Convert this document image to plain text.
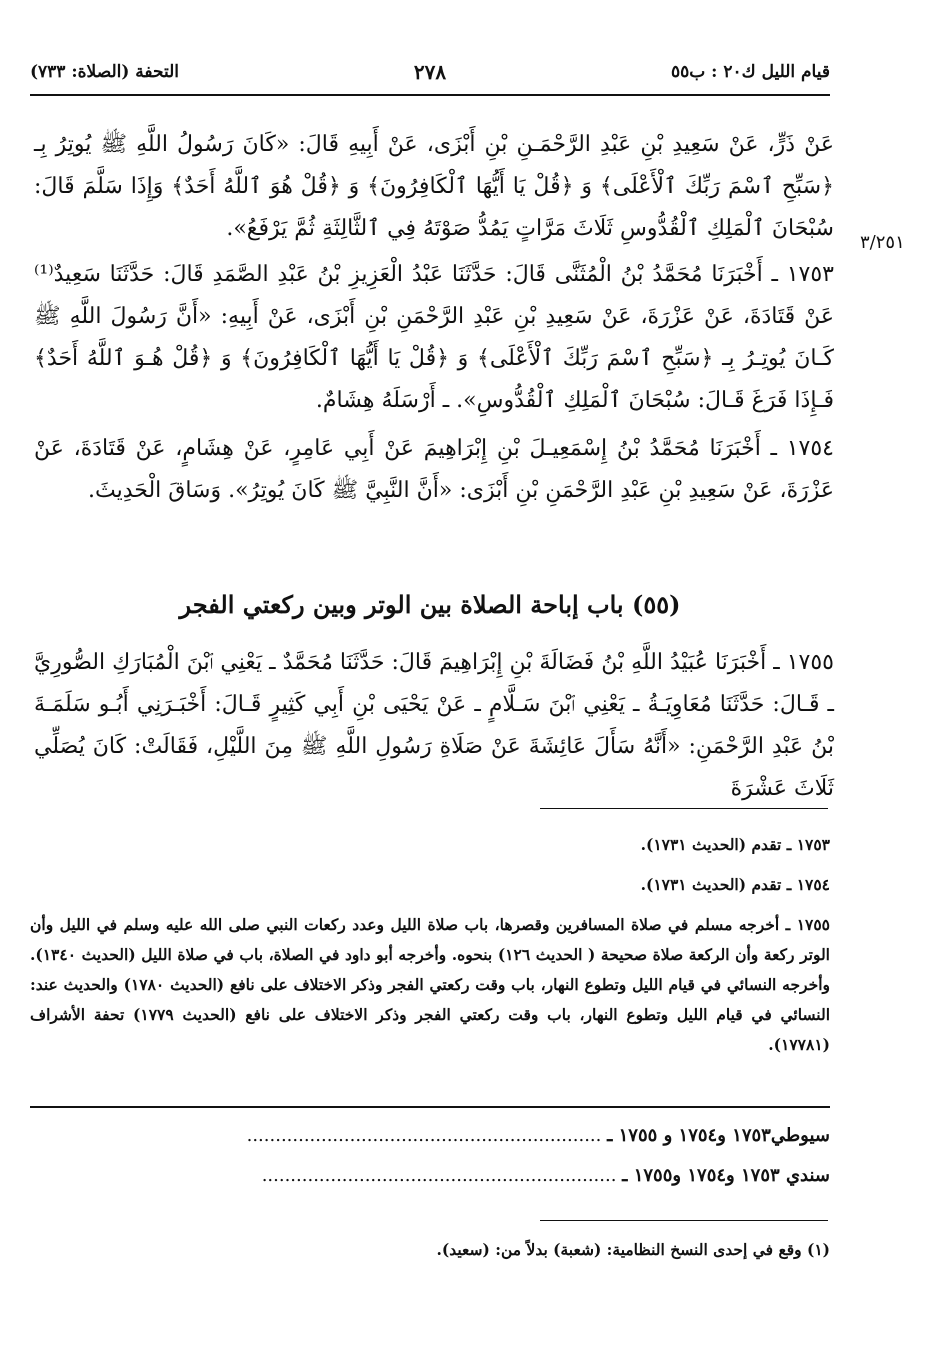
قيام الليل ك٢٠ : ب٥٥
٢٧٨
التحفة (الصلاة: ٧٣٣)
٣/٢٥١

عَنْ ذَرٍّ، عَنْ سَعِيدِ بْنِ عَبْدِ الرَّحْمَـنِ بْنِ أَبْزَى، عَنْ أَبِيهِ قَالَ: «كَانَ رَسُولُ اللَّهِ ﷺ يُوتِرُ بِـ ﴿سَبِّحِ ٱسْمَ رَبِّكَ ٱلْأَعْلَى﴾ وَ ﴿قُلْ يَا أَيُّهَا ٱلْكَافِرُونَ﴾ وَ ﴿قُلْ هُوَ ٱللَّهُ أَحَدٌ﴾ وَإِذَا سَلَّمَ قَالَ: سُبْحَانَ ٱلْمَلِكِ ٱلْقُدُّوسِ ثَلَاثَ مَرَّاتٍ يَمُدُّ صَوْتَهُ فِي ٱلثَّالِثَةِ ثُمَّ يَرْفَعُ».

١٧٥٣ ـ أَخْبَرَنَا مُحَمَّدُ بْنُ الْمُثَنَّى قَالَ: حَدَّثَنَا عَبْدُ الْعَزِيزِ بْنُ عَبْدِ الصَّمَدِ قَالَ: حَدَّثَنَا سَعِيدٌ⁽¹⁾ عَنْ قَتَادَةَ، عَنْ عَزْرَةَ، عَنْ سَعِيدِ بْنِ عَبْدِ الرَّحْمَنِ بْنِ أَبْزَى، عَنْ أَبِيهِ: «أَنَّ رَسُولَ اللَّهِ ﷺ كَـانَ يُوتِـرُ بِـ ﴿سَبِّحِ ٱسْمَ رَبِّكَ ٱلْأَعْلَى﴾ وَ ﴿قُلْ يَا أَيُّهَا ٱلْكَافِرُونَ﴾ وَ ﴿قُلْ هُـوَ ٱللَّهُ أَحَدٌ﴾ فَـإِذَا فَرَغَ قَـالَ: سُبْحَانَ ٱلْمَلِكِ ٱلْقُدُّوسِ». ـ أَرْسَلَهُ هِشَامٌ.

١٧٥٤ ـ أَخْبَرَنَا مُحَمَّدُ بْنُ إِسْمَعِيـلَ بْنِ إِبْرَاهِيمَ عَنْ أَبِي عَامِرٍ، عَنْ هِشَامٍ، عَنْ قَتَادَةَ، عَنْ عَزْرَةَ، عَنْ سَعِيدِ بْنِ عَبْدِ الرَّحْمَنِ بْنِ أَبْزَى: «أَنَّ النَّبِيَّ ﷺ كَانَ يُوتِرُ». وَسَاقَ الْحَدِيثَ.

(٥٥) باب إباحة الصلاة بين الوتر وبين ركعتي الفجر

١٧٥٥ ـ أَخْبَرَنَا عُبَيْدُ اللَّهِ بْنُ فَضَالَةَ بْنِ إِبْرَاهِيمَ قَالَ: حَدَّثَنَا مُحَمَّدٌ ـ يَعْنِي ٱبْنَ الْمُبَارَكِ الصُّورِيَّ ـ قَـالَ: حَدَّثَنَا مُعَاوِيَـةُ ـ يَعْنِي ٱبْنَ سَـلَّامٍ ـ عَنْ يَحْيَى بْنِ أَبِي كَثِيرٍ قَـالَ: أَخْبَـرَنِي أَبُـو سَلَمَـةَ بْنُ عَبْدِ الرَّحْمَنِ: «أَنَّهُ سَأَلَ عَائِشَةَ عَنْ صَلَاةِ رَسُولِ اللَّهِ ﷺ مِنَ اللَّيْلِ، فَقَالَتْ: كَانَ يُصَلِّي ثَلَاثَ عَشْرَةَ

١٧٥٣ ـ تقدم (الحديث ١٧٣١).
١٧٥٤ ـ تقدم (الحديث ١٧٣١).
١٧٥٥ ـ أخرجه مسلم في صلاة المسافرين وقصرها، باب صلاة الليل وعدد ركعات النبي صلى الله عليه وسلم في الليل وأن الوتر ركعة وأن الركعة صلاة صحيحة ( الحديث ١٢٦) بنحوه. وأخرجه أبو داود في الصلاة، باب في صلاة الليل (الحديث ١٣٤٠). وأخرجه النسائي في قيام الليل وتطوع النهار، باب وقت ركعتي الفجر وذكر الاختلاف على نافع (الحديث ١٧٨٠) والحديث عند: النسائي في قيام الليل وتطوع النهار، باب وقت ركعتي الفجر وذكر الاختلاف على نافع (الحديث ١٧٧٩) تحفة الأشراف (١٧٧٨١).
سيوطي١٧٥٣ و١٧٥٤ و ١٧٥٥ ـ ..............................................................
سندي ١٧٥٣ و١٧٥٤ و١٧٥٥ ـ ..............................................................
(١) وقع في إحدى النسخ النظامية: (شعبة) بدلاً من: (سعيد).
